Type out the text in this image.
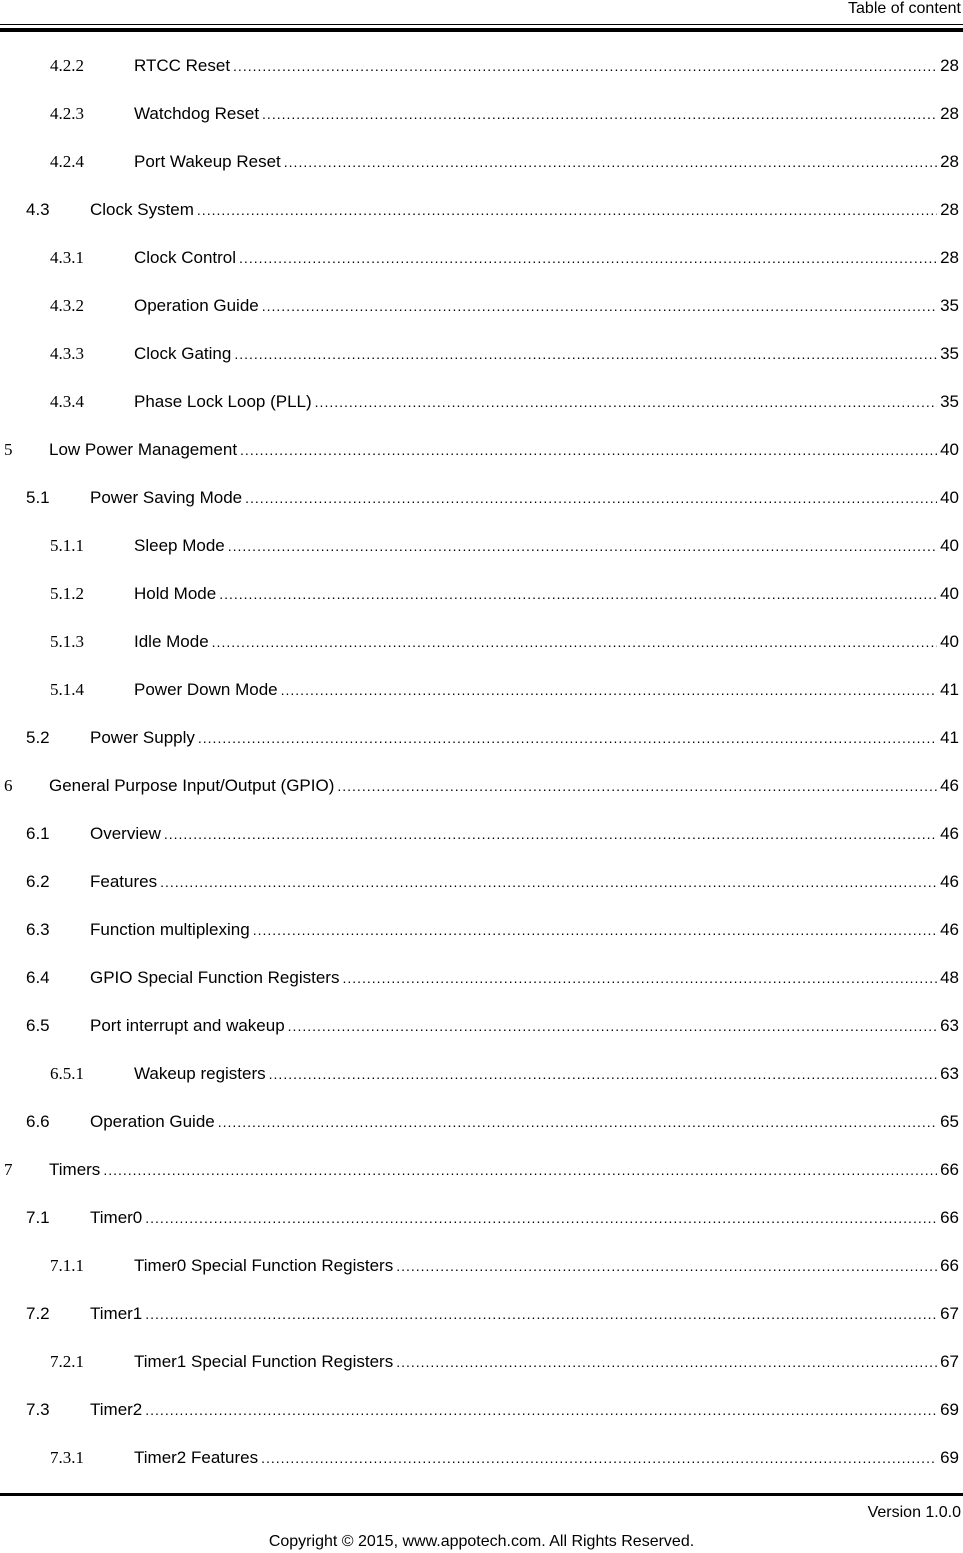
Table of content
4.2.2	RTCC Reset .....	28
4.2.3	Watchdog Reset .....	28
4.2.4	Port Wakeup Reset .....	28
4.3 Clock System .....	28
4.3.1	Clock Control .....	28
4.3.2	Operation Guide .....	35
4.3.3	Clock Gating .....	35
4.3.4	Phase Lock Loop (PLL) .....	35
5 Low Power Management .....	40
5.1 Power Saving Mode .....	40
5.1.1	Sleep Mode .....	40
5.1.2	Hold Mode .....	40
5.1.3	Idle Mode .....	40
5.1.4	Power Down Mode .....	41
5.2 Power Supply .....	41
6 General Purpose Input/Output (GPIO) .....	46
6.1 Overview .....	46
6.2 Features .....	46
6.3 Function multiplexing .....	46
6.4 GPIO Special Function Registers .....	48
6.5 Port interrupt and wakeup .....	63
6.5.1	Wakeup registers .....	63
6.6 Operation Guide .....	65
7 Timers .....	66
7.1 Timer0 .....	66
7.1.1	Timer0 Special Function Registers .....	66
7.2 Timer1 .....	67
7.2.1	Timer1 Special Function Registers .....	67
7.3 Timer2 .....	69
7.3.1	Timer2 Features .....	69
Version 1.0.0
Copyright © 2015, www.appotech.com. All Rights Reserved.
